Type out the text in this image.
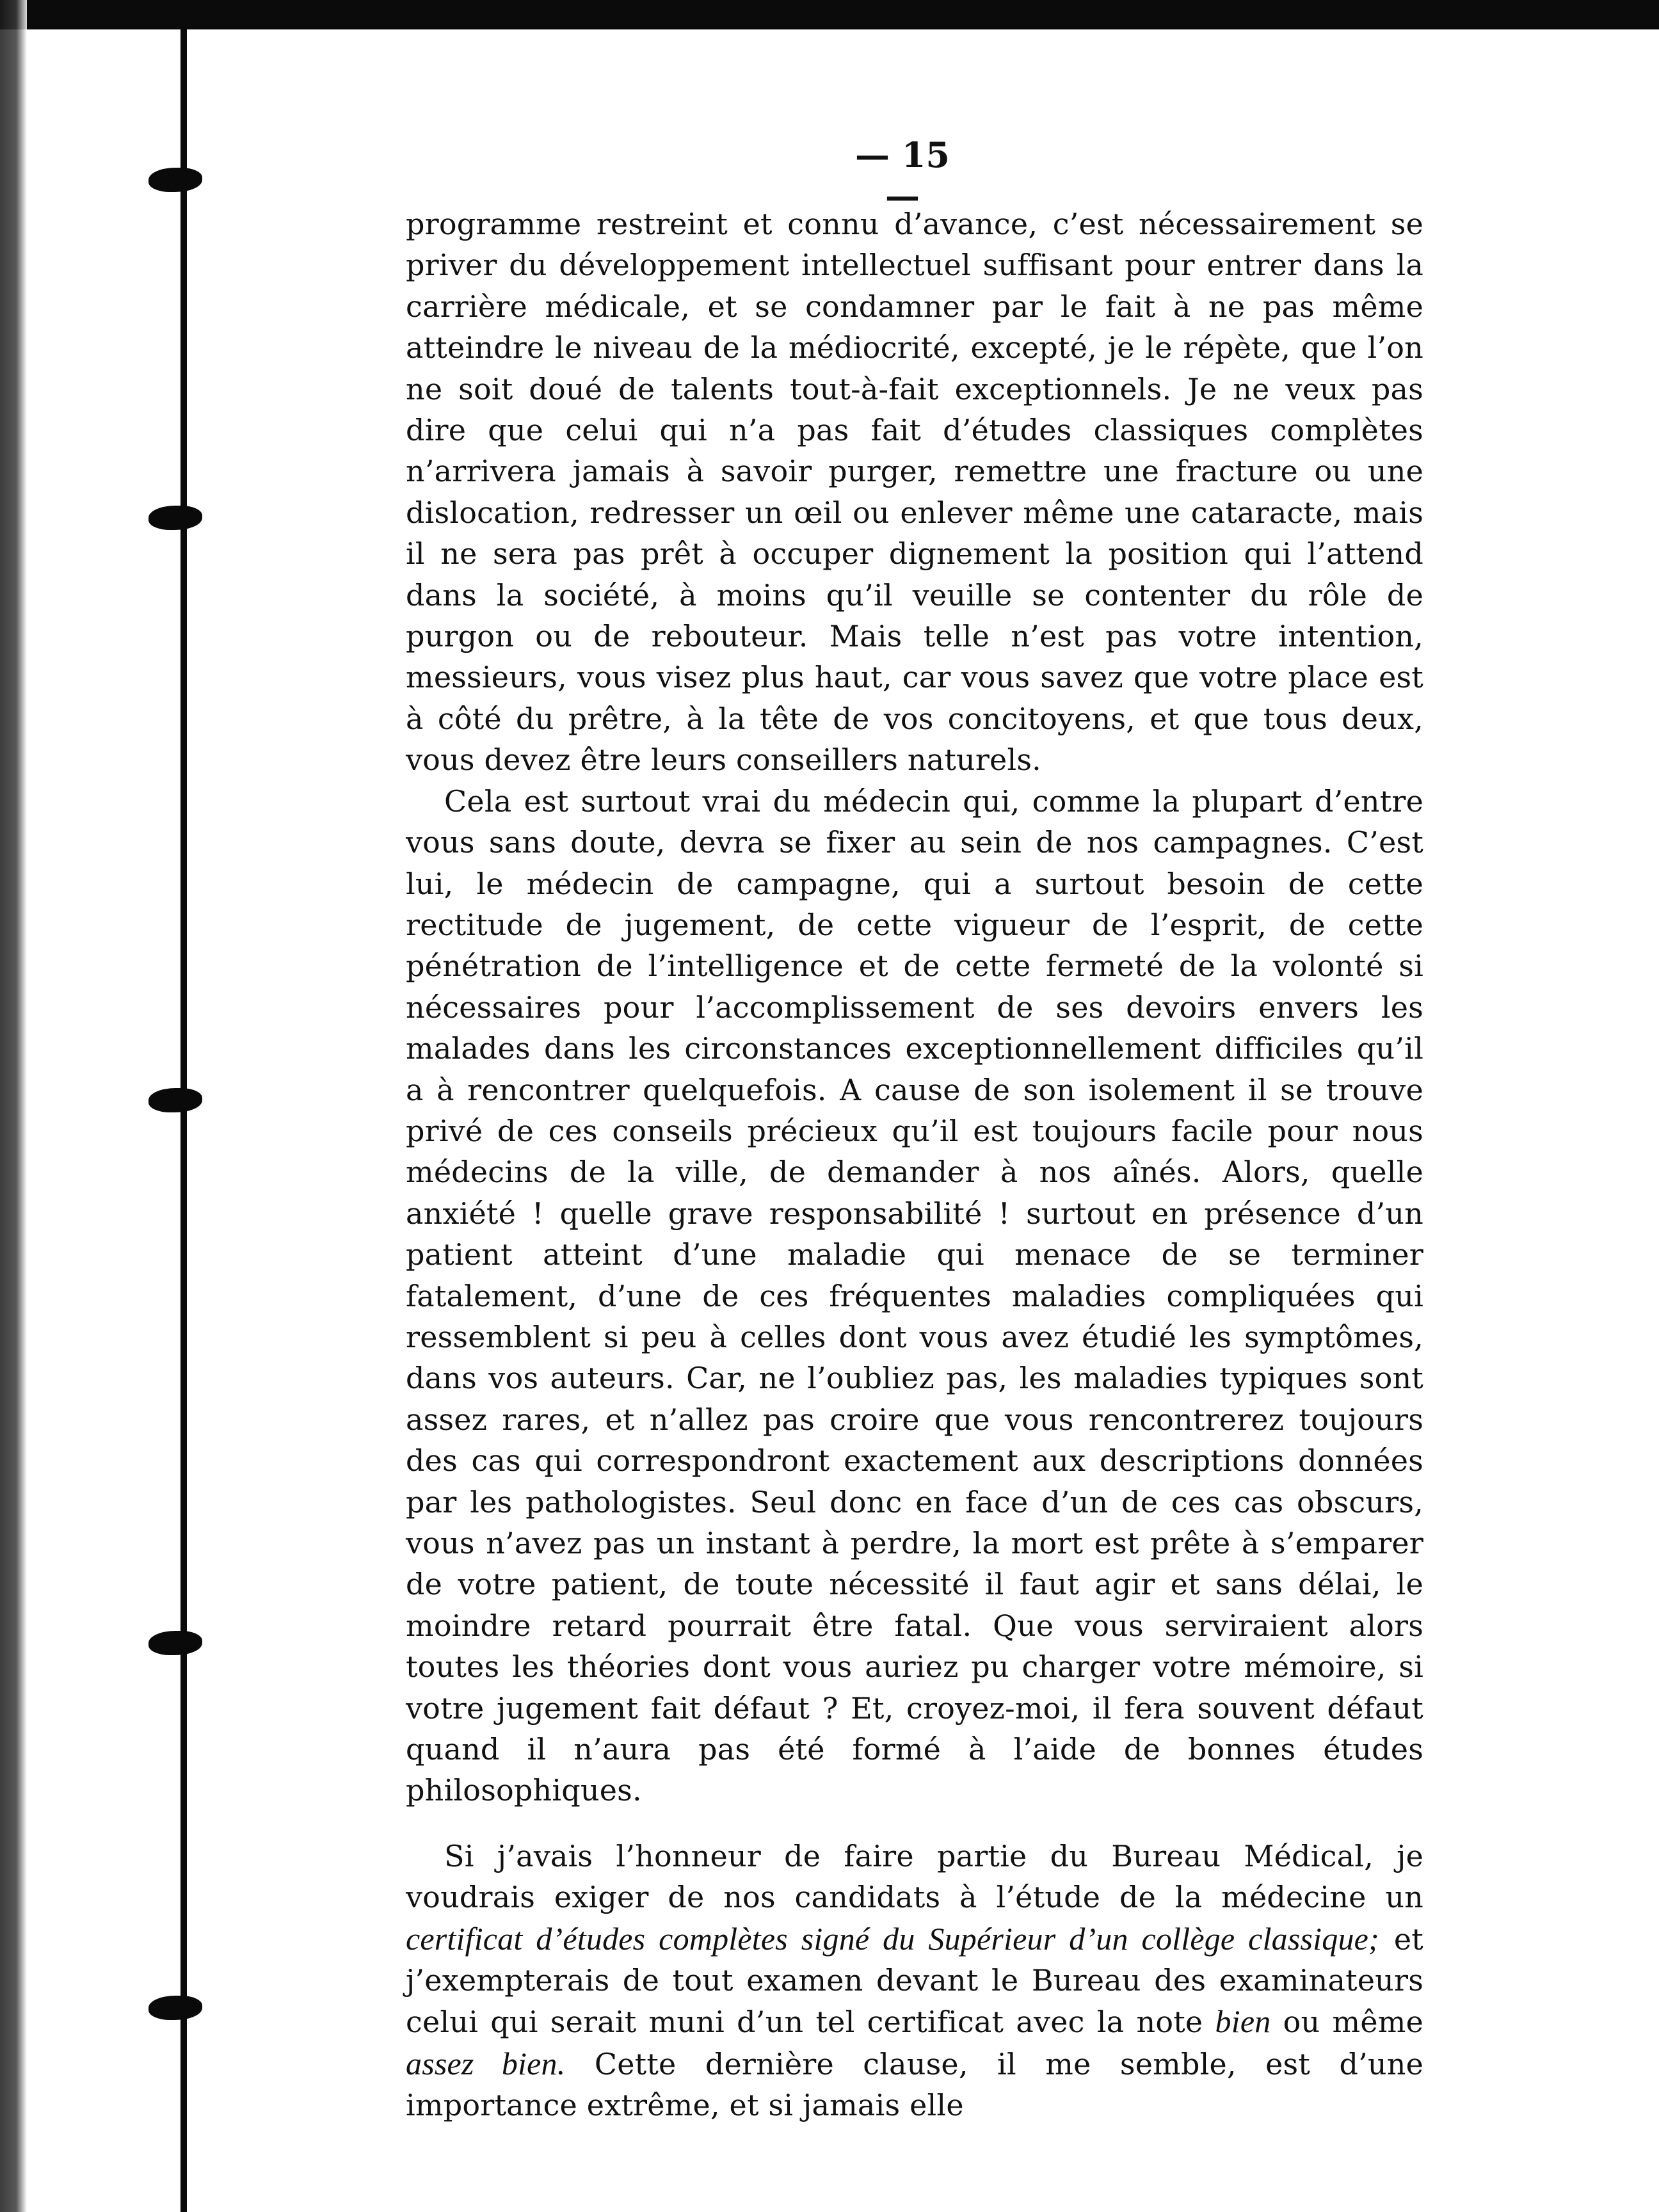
— 15 —

programme restreint et connu d’avance, c’est nécessairement se priver du développement intellectuel suffisant pour entrer dans la carrière médicale, et se condamner par le fait à ne pas même atteindre le niveau de la médiocrité, excepté, je le répète, que l’on ne soit doué de talents tout-à-fait exceptionnels. Je ne veux pas dire que celui qui n’a pas fait d’études classiques complètes n’arrivera jamais à savoir purger, remettre une fracture ou une dislocation, redresser un œil ou enlever même une cataracte, mais il ne sera pas prêt à occuper dignement la position qui l’attend dans la société, à moins qu’il veuille se contenter du rôle de purgon ou de rebouteur. Mais telle n’est pas votre intention, messieurs, vous visez plus haut, car vous savez que votre place est à côté du prêtre, à la tête de vos concitoyens, et que tous deux, vous devez être leurs conseillers naturels.

Cela est surtout vrai du médecin qui, comme la plupart d’entre vous sans doute, devra se fixer au sein de nos campagnes. C’est lui, le médecin de campagne, qui a surtout besoin de cette rectitude de jugement, de cette vigueur de l’esprit, de cette pénétration de l’intelligence et de cette fermeté de la volonté si nécessaires pour l’accomplissement de ses devoirs envers les malades dans les circonstances exceptionnellement difficiles qu’il a à rencontrer quelquefois. A cause de son isolement il se trouve privé de ces conseils précieux qu’il est toujours facile pour nous médecins de la ville, de demander à nos aînés. Alors, quelle anxiété ! quelle grave responsabilité ! surtout en présence d’un patient atteint d’une maladie qui menace de se terminer fatalement, d’une de ces fréquentes maladies compliquées qui ressemblent si peu à celles dont vous avez étudié les symptômes, dans vos auteurs. Car, ne l’oubliez pas, les maladies typiques sont assez rares, et n’allez pas croire que vous rencontrerez toujours des cas qui correspondront exactement aux descriptions données par les pathologistes. Seul donc en face d’un de ces cas obscurs, vous n’avez pas un instant à perdre, la mort est prête à s’emparer de votre patient, de toute nécessité il faut agir et sans délai, le moindre retard pourrait être fatal. Que vous serviraient alors toutes les théories dont vous auriez pu charger votre mémoire, si votre jugement fait défaut ? Et, croyez-moi, il fera souvent défaut quand il n’aura pas été formé à l’aide de bonnes études philosophiques.

Si j’avais l’honneur de faire partie du Bureau Médical, je voudrais exiger de nos candidats à l’étude de la médecine un certificat d’études complètes signé du Supérieur d’un collège classique; et j’exempterais de tout examen devant le Bureau des examinateurs celui qui serait muni d’un tel certificat avec la note bien ou même assez bien. Cette dernière clause, il me semble, est d’une importance extrême, et si jamais elle
